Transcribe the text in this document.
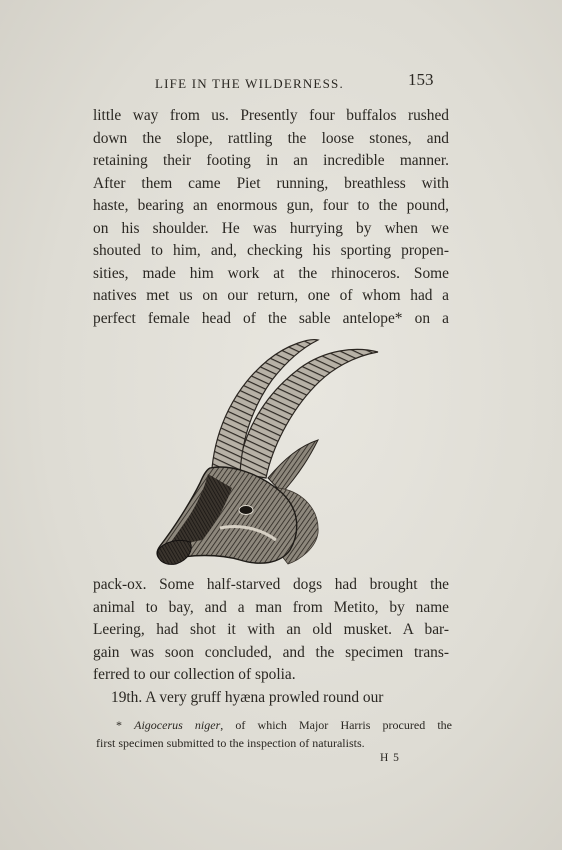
LIFE IN THE WILDERNESS.	153
little way from us. Presently four buffalos rushed
down the slope, rattling the loose stones, and
retaining their footing in an incredible manner.
After them came Piet running, breathless with
haste, bearing an enormous gun, four to the pound,
on his shoulder. He was hurrying by when we
shouted to him, and, checking his sporting propen-
sities, made him work at the rhinoceros. Some
natives met us on our return, one of whom had a
perfect female head of the sable antelope* on a
pack-ox. Some half-starved dogs had brought the
animal to bay, and a man from Metito, by name
Leering, had shot it with an old musket. A bar-
gain was soon concluded, and the specimen trans-
ferred to our collection of spolia.
19th. A very gruff hyæna prowled round our
* Aigocerus niger, of which Major Harris procured the
first specimen submitted to the inspection of naturalists.
H 5
